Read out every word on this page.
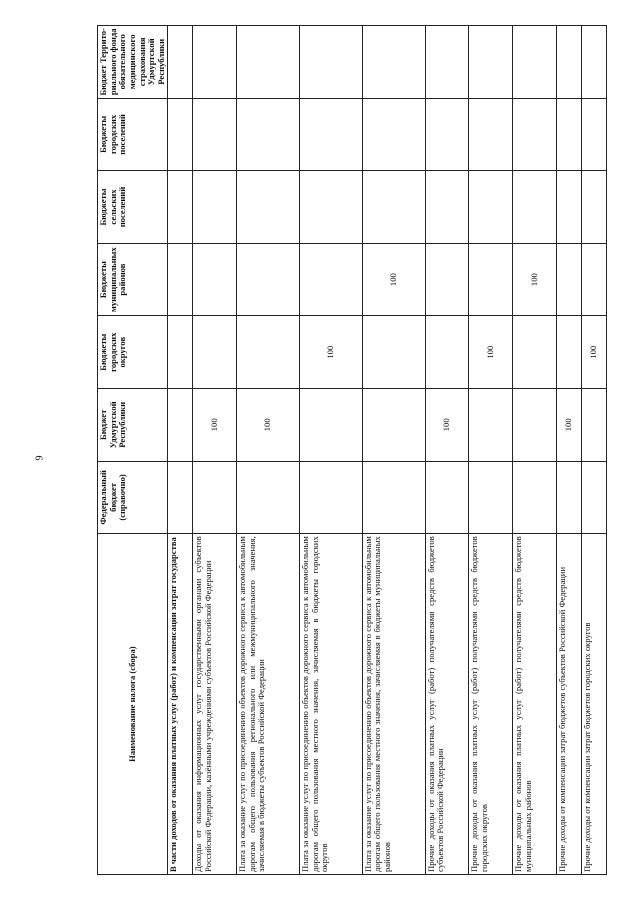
9
Наименование налога (сбора)	Федеральный бюджет (справочно)	Бюджет Удмуртской Республики	Бюджеты городских округов	Бюджеты муниципальных районов	Бюджеты сельских поселений	Бюджеты городских поселений	Бюджет Террито-риального фонда обязательного медицинского страхования Удмуртской Республики
В части доходов от оказания платных услуг (работ) и компенсации затрат государства							
Доходы от оказания информационных услуг государственными органами субъектов Российской Федерации, казёнными учреждениями субъектов Российской Федерации		100					
Плата за оказание услуг по присоединению объектов дорожного сервиса к автомобильным дорогам общего пользования регионального или межмуниципального значения, зачисляемая в бюджеты субъектов Российской Федерации		100					
Плата за оказание услуг по присоединению объектов дорожного сервиса к автомобильным дорогам общего пользования местного значения, зачисляемая в бюджеты городских округов			100				
Плата за оказание услуг по присоединению объектов дорожного сервиса к автомобильным дорогам общего пользования местного значения, зачисляемая в бюджеты муниципальных районов				100			
Прочие доходы от оказания платных услуг (работ) получателями средств бюджетов субъектов Российской Федерации		100					
Прочие доходы от оказания платных услуг (работ) получателями средств бюджетов городских округов			100				
Прочие доходы от оказания платных услуг (работ) получателями средств бюджетов муниципальных районов				100			
Прочие доходы от компенсации затрат бюджетов субъектов Российской Федерации		100					
Прочие доходы от компенсации затрат бюджетов городских округов			100				
